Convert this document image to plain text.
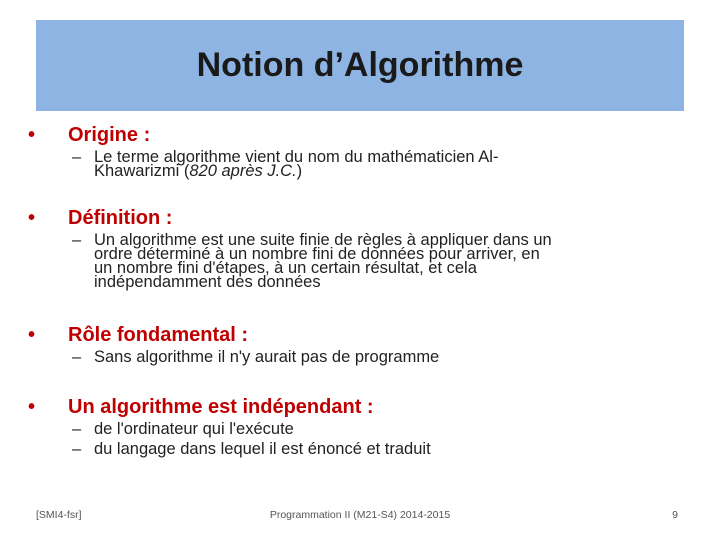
Notion d’Algorithme
•	Origine :
– Le terme algorithme vient du nom du mathématicien Al-
Khawarizmi (820 après J.C.)
•	Définition :
– Un algorithme est une suite finie de règles à appliquer dans un
ordre déterminé à un nombre fini de données pour arriver, en
un nombre fini d'étapes, à un certain résultat, et cela
indépendamment des données
•	Rôle fondamental :
– Sans algorithme il n'y aurait pas de programme
•	Un algorithme est indépendant :
– de l'ordinateur qui l'exécute
– du langage dans lequel il est énoncé et traduit
[SMI4-fsr]	Programmation II (M21-S4) 2014-2015	9
